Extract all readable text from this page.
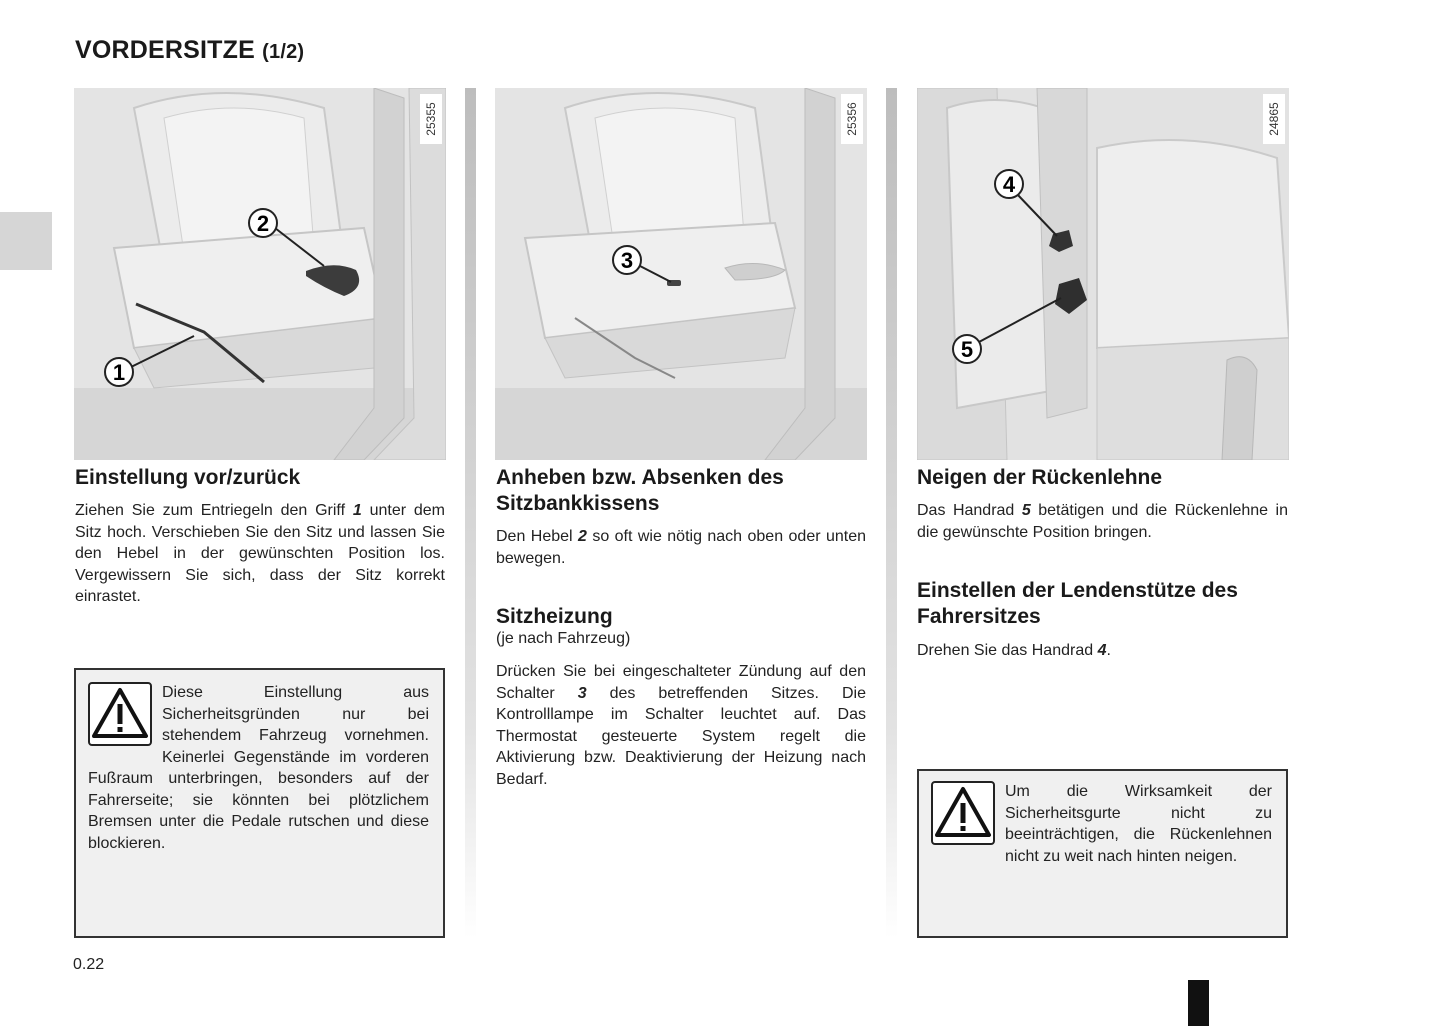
VORDERSITZE (1/2)
2
1
25355
3
25356
4
5
24865
Einstellung vor/zurück

Ziehen Sie zum Entriegeln den Griff 1 unter dem Sitz hoch. Verschieben Sie den Sitz und lassen Sie den Hebel in der gewünschten Position los. Vergewissern Sie sich, dass der Sitz korrekt einrastet.

Diese Einstellung aus Sicherheitsgründen nur bei stehendem Fahrzeug vornehmen. Keinerlei Gegenstände im vorderen Fußraum unterbringen, besonders auf der Fahrerseite; sie könnten bei plötzlichem Bremsen unter die Pedale rutschen und diese blockieren.

Anheben bzw. Absenken des Sitzbankkissens

Den Hebel 2 so oft wie nötig nach oben oder unten bewegen.

Sitzheizung
(je nach Fahrzeug)

Drücken Sie bei eingeschalteter Zündung auf den Schalter 3 des betreffenden Sitzes. Die Kontrolllampe im Schalter leuchtet auf. Das Thermostat gesteuerte System regelt die Aktivierung bzw. Deaktivierung der Heizung nach Bedarf.

Neigen der Rückenlehne

Das Handrad 5 betätigen und die Rückenlehne in die gewünschte Position bringen.

Einstellen der Lendenstütze des Fahrersitzes

Drehen Sie das Handrad 4.

Um die Wirksamkeit der Sicherheitsgurte nicht zu beeinträchtigen, die Rückenlehnen nicht zu weit nach hinten neigen.

0.22
